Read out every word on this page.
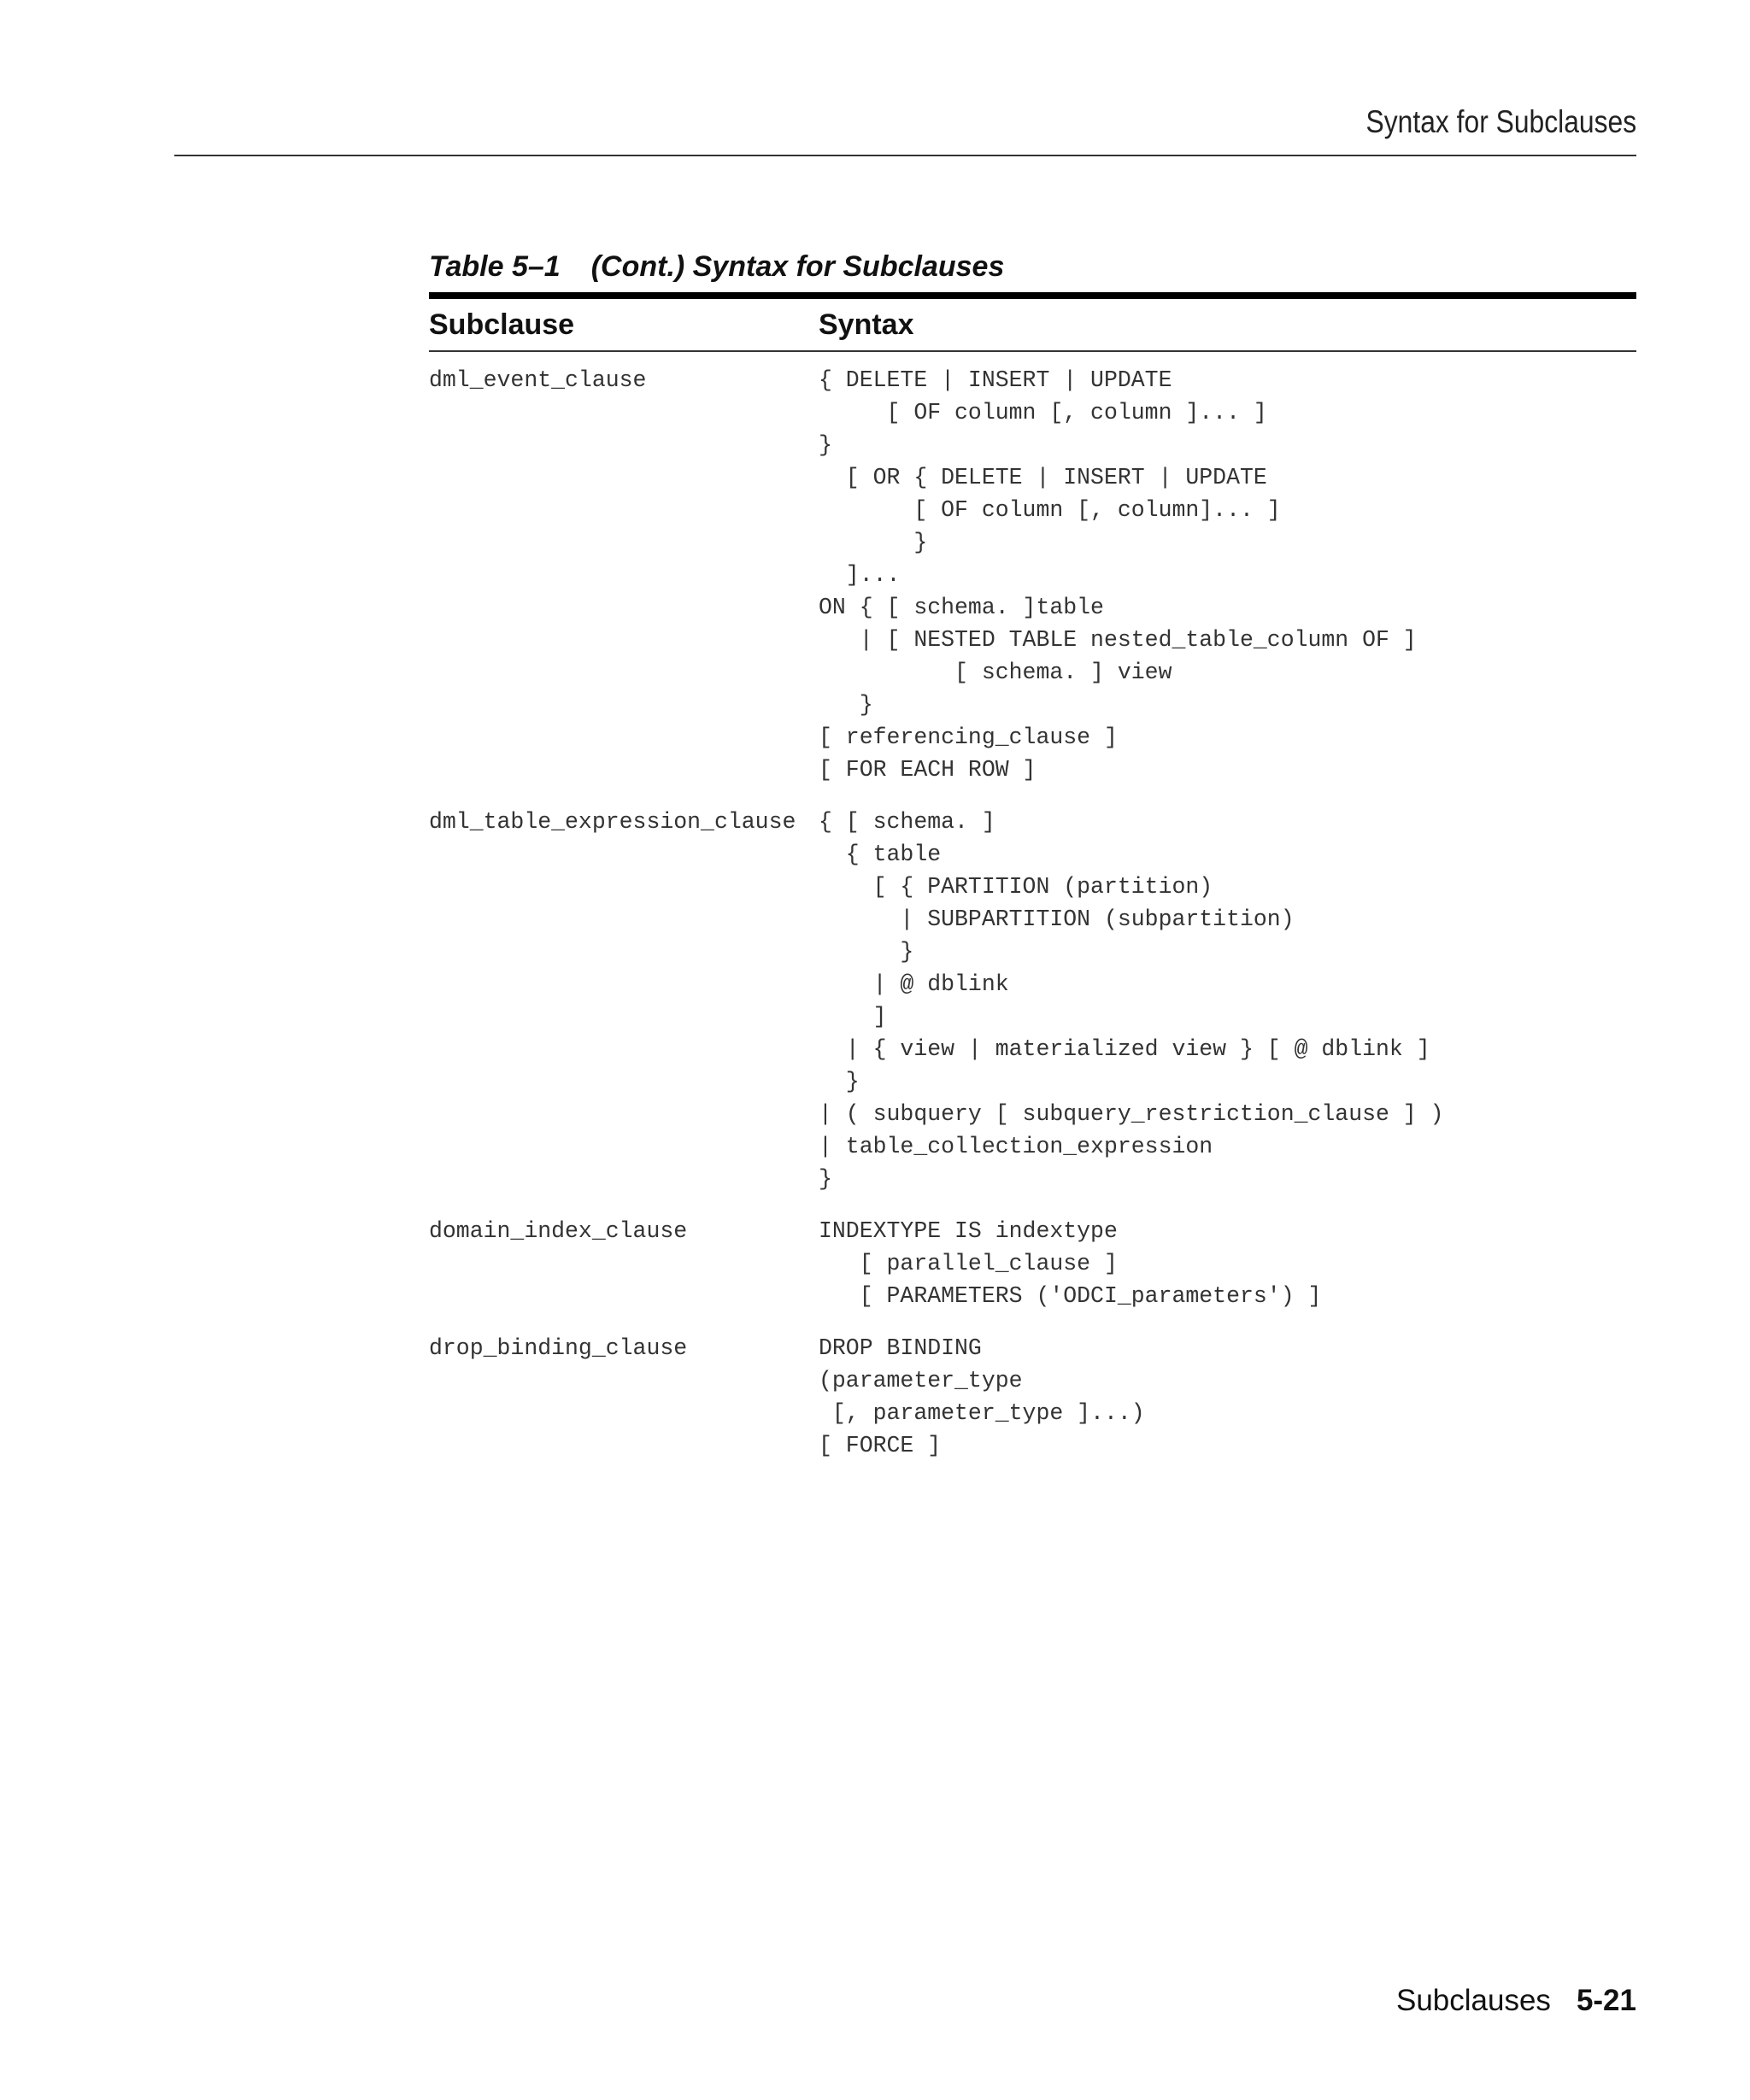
Syntax for Subclauses
Table 5–1 (Cont.) Syntax for Subclauses
Subclause	Syntax
dml_event_clause	{ DELETE | INSERT | UPDATE
[ OF column [, column ]... ]
}
[ OR { DELETE | INSERT | UPDATE
[ OF column [, column]... ]
}
]...
ON { [ schema. ]table
| [ NESTED TABLE nested_table_column OF ]
[ schema. ] view
}
[ referencing_clause ]
[ FOR EACH ROW ]
dml_table_expression_clause	{ [ schema. ]
{ table
[ { PARTITION (partition)
| SUBPARTITION (subpartition)
}
| @ dblink
]
| { view | materialized view } [ @ dblink ]
}
| ( subquery [ subquery_restriction_clause ] )
| table_collection_expression
}
domain_index_clause	INDEXTYPE IS indextype
[ parallel_clause ]
[ PARAMETERS ('ODCI_parameters') ]
drop_binding_clause	DROP BINDING
(parameter_type
[, parameter_type ]...)
[ FORCE ]
Subclauses 5-21
